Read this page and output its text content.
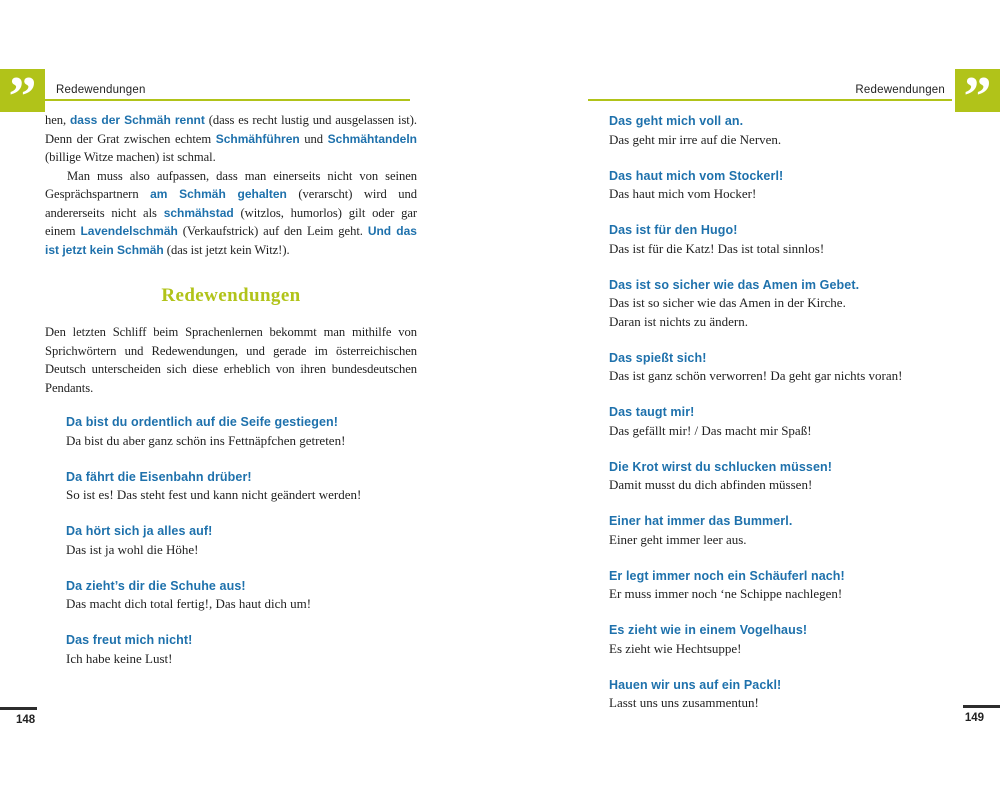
” Redewendungen	Redewendungen ”

hen, dass der Schmäh rennt (dass es recht lustig und ausgelassen ist). Denn der Grat zwischen echtem Schmähführen und Schmähtandeln (billige Witze machen) ist schmal.

Man muss also aufpassen, dass man einerseits nicht von seinen Gesprächspartnern am Schmäh gehalten (verarscht) wird und andererseits nicht als schmähstad (witzlos, humorlos) gilt oder gar einem Lavendelschmäh (Verkaufstrick) auf den Leim geht. Und das ist jetzt kein Schmäh (das ist jetzt kein Witz!).

Redewendungen

Den letzten Schliff beim Sprachenlernen bekommt man mithilfe von Sprichwörtern und Redewendungen, und gerade im österreichischen Deutsch unterscheiden sich diese erheblich von ihren bundesdeutschen Pendants.

Da bist du ordentlich auf die Seife gestiegen!
Da bist du aber ganz schön ins Fettnäpfchen getreten!
Da fährt die Eisenbahn drüber!
So ist es! Das steht fest und kann nicht geändert werden!
Da hört sich ja alles auf!
Das ist ja wohl die Höhe!
Da zieht’s dir die Schuhe aus!
Das macht dich total fertig!, Das haut dich um!
Das freut mich nicht!
Ich habe keine Lust!
Das geht mich voll an.
Das geht mir irre auf die Nerven.
Das haut mich vom Stockerl!
Das haut mich vom Hocker!
Das ist für den Hugo!
Das ist für die Katz! Das ist total sinnlos!
Das ist so sicher wie das Amen im Gebet.
Das ist so sicher wie das Amen in der Kirche.
Daran ist nichts zu ändern.
Das spießt sich!
Das ist ganz schön verworren! Da geht gar nichts voran!
Das taugt mir!
Das gefällt mir! / Das macht mir Spaß!
Die Krot wirst du schlucken müssen!
Damit musst du dich abfinden müssen!
Einer hat immer das Bummerl.
Einer geht immer leer aus.
Er legt immer noch ein Schäuferl nach!
Er muss immer noch ‘ne Schippe nachlegen!
Es zieht wie in einem Vogelhaus!
Es zieht wie Hechtsuppe!
Hauen wir uns auf ein Packl!
Lasst uns uns zusammentun!
148	149
